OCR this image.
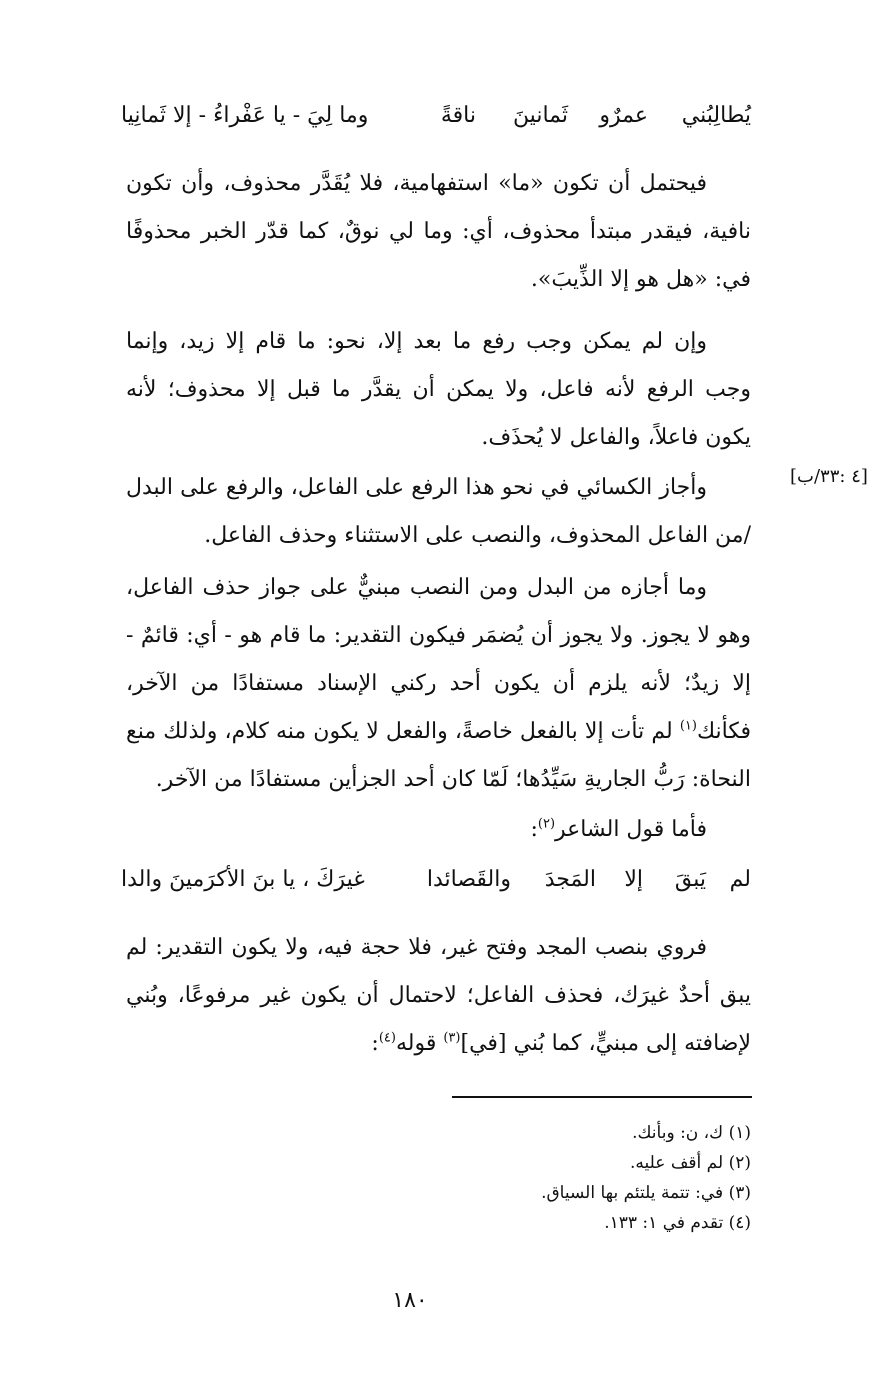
يُطالِبُني
عمرٌو
ثَمانينَ
ناقةً
وما لِيَ - يا عَفْراءُ - إلا ثَمانِيا

فيحتمل أن تكون «ما» استفهامية، فلا يُقَدَّر محذوف، وأن تكون نافية، فيقدر مبتدأ محذوف، أي: وما لي نوقٌ، كما قدّر الخبر محذوفًا في: «هل هو إلا الذِّيبَ».

وإن لم يمكن وجب رفع ما بعد إلا، نحو: ما قام إلا زيد، وإنما وجب الرفع لأنه فاعل، ولا يمكن أن يقدَّر ما قبل إلا محذوف؛ لأنه يكون فاعلاً، والفاعل لا يُحذَف.

[٤ :٣٣/ب]

وأجاز الكسائي في نحو هذا الرفع على الفاعل، والرفع على البدل /من الفاعل المحذوف، والنصب على الاستثناء وحذف الفاعل.

وما أجازه من البدل ومن النصب مبنيٌّ على جواز حذف الفاعل، وهو لا يجوز. ولا يجوز أن يُضمَر فيكون التقدير: ما قام هو - أي: قائمٌ - إلا زيدٌ؛ لأنه يلزم أن يكون أحد ركني الإسناد مستفادًا من الآخر، فكأنك$^{(١)}$ لم تأت إلا بالفعل خاصةً، والفعل لا يكون منه كلام، ولذلك منع النحاة: رَبُّ الجاريةِ سَيِّدُها؛ لَمّا كان أحد الجزأين مستفادًا من الآخر.

فأما قول الشاعر$^{(٢)}$:

لم
يَبقَ
إلا
المَجدَ
والقَصائدا
غيرَكَ ، يا بنَ الأكرَمينَ والدا

فروي بنصب المجد وفتح غير، فلا حجة فيه، ولا يكون التقدير: لم يبق أحدٌ غيرَك، فحذف الفاعل؛ لاحتمال أن يكون غير مرفوعًا، وبُني لإضافته إلى مبنيٍّ، كما بُني [في]$^{(٣)}$ قوله$^{(٤)}$:

(١) ك، ن: وبأنك.
(٢) لم أقف عليه.
(٣) في: تتمة يلتئم بها السياق.
(٤) تقدم في ١: ١٣٣.
١٨٠
